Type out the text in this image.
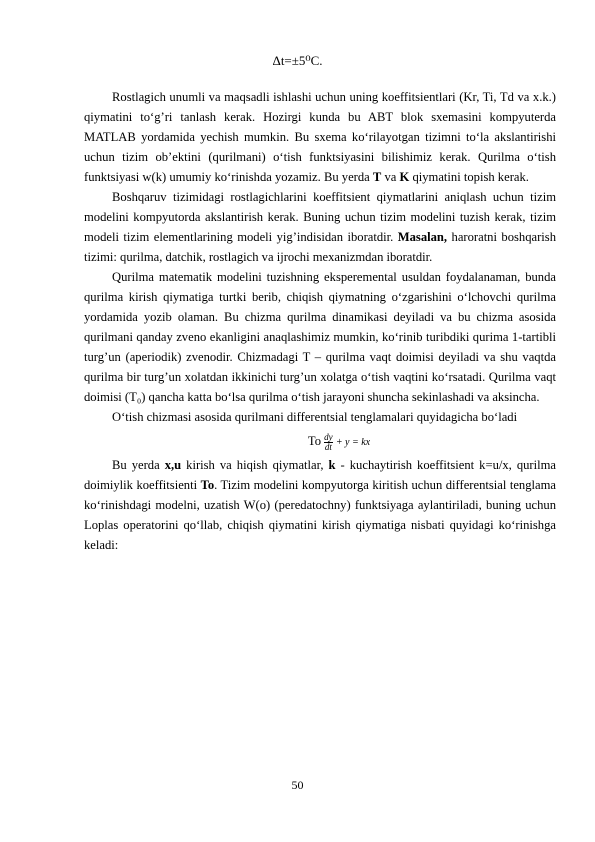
Δt=±5⁰C.

Rostlagich unumli va maqsadli ishlashi uchun uning koeffitsientlari (Kr, Ti, Td va x.k.) qiymatini to‘g’ri tanlash kerak. Hozirgi kunda bu ABT blok sxemasini kompyuterda MATLAB yordamida yechish mumkin. Bu sxema ko‘rilayotgan tizimni to‘la akslantirishi uchun tizim ob’ektini (qurilmani) o‘tish funktsiyasini bilishimiz kerak. Qurilma o‘tish funktsiyasi w(k) umumiy ko‘rinishda yozamiz. Bu yerda T va K qiymatini topish kerak.

Boshqaruv tizimidagi rostlagichlarini koeffitsient qiymatlarini aniqlash uchun tizim modelini kompyutorda akslantirish kerak. Buning uchun tizim modelini tuzish kerak, tizim modeli tizim elementlarining modeli yig’indisidan iboratdir. Masalan, haroratni boshqarish tizimi: qurilma, datchik, rostlagich va ijrochi mexanizmdan iboratdir.

Qurilma matematik modelini tuzishning eksperemental usuldan foydalanaman, bunda qurilma kirish qiymatiga turtki berib, chiqish qiymatning o‘zgarishini o‘lchovchi qurilma yordamida yozib olaman. Bu chizma qurilma dinamikasi deyiladi va bu chizma asosida qurilmani qanday zveno ekanligini anaqlashimiz mumkin, ko‘rinib turibdiki qurima 1-tartibli turg’un (aperiodik) zvenodir. Chizmadagi T – qurilma vaqt doimisi deyiladi va shu vaqtda qurilma bir turg’un xolatdan ikkinichi turg’un xolatga o‘tish vaqtini ko‘rsatadi. Qurilma vaqt doimisi (T₀) qancha katta bo‘lsa qurilma o‘tish jarayoni shuncha sekinlashadi va aksincha.

O‘tish chizmasi asosida qurilmani differentsial tenglamalari quyidagicha bo‘ladi

To $\frac{dy}{dt} + y$ = kx

Bu yerda x,u kirish va hiqish qiymatlar, k - kuchaytirish koeffitsient k=u/x, qurilma doimiylik koeffitsienti To. Tizim modelini kompyutorga kiritish uchun differentsial tenglama ko‘rinishdagi modelni, uzatish W(o) (peredatochny) funktsiyaga aylantiriladi, buning uchun Loplas operatorini qo‘llab, chiqish qiymatini kirish qiymatiga nisbati quyidagi ko‘rinishga keladi:

50
